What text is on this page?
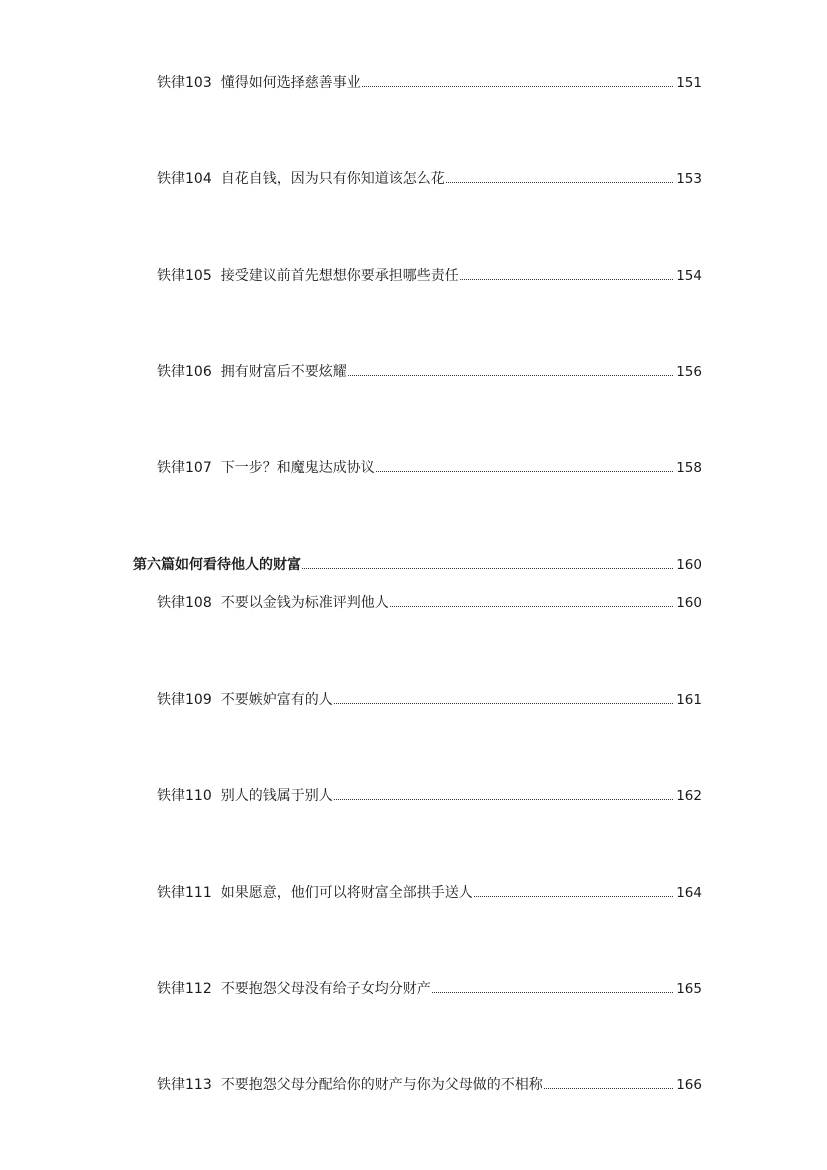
铁律103 懂得如何选择慈善事业	151
铁律104 自花自钱，因为只有你知道该怎么花	153
铁律105 接受建议前首先想想你要承担哪些责任	154
铁律106 拥有财富后不要炫耀	156
铁律107 下一步？和魔鬼达成协议	158
第六篇如何看待他人的财富	160
铁律108 不要以金钱为标准评判他人	160
铁律109 不要嫉妒富有的人	161
铁律110 别人的钱属于别人	162
铁律111 如果愿意，他们可以将财富全部拱手送人	164
铁律112 不要抱怨父母没有给子女均分财产	165
铁律113 不要抱怨父母分配给你的财产与你为父母做的不相称	166
